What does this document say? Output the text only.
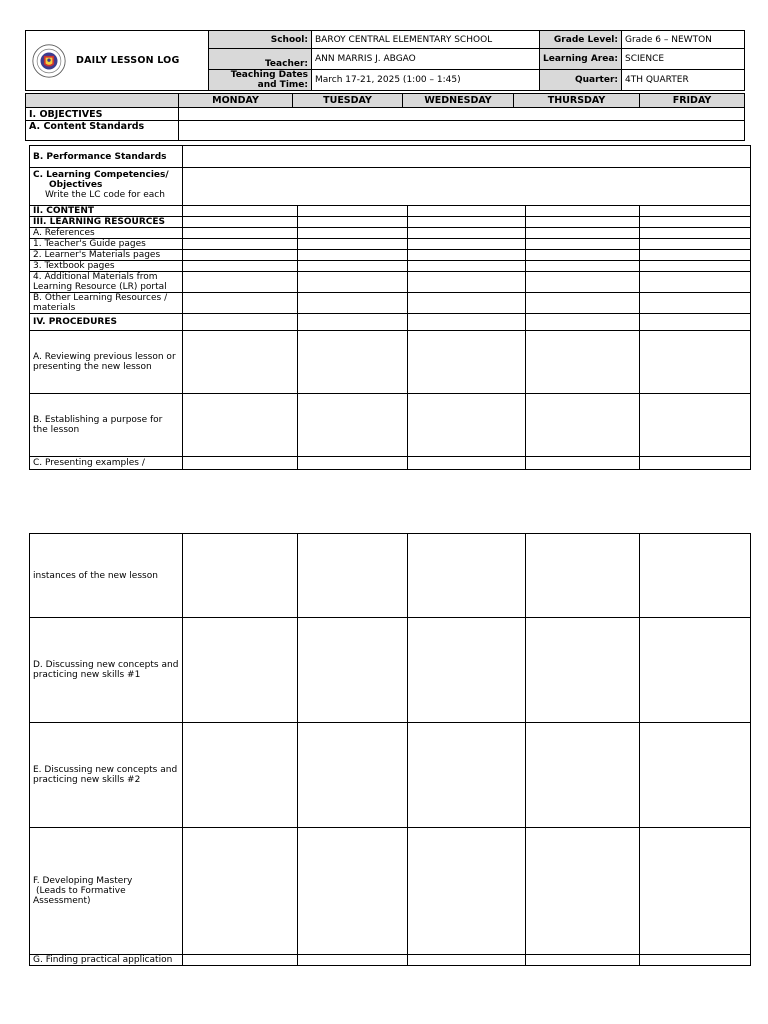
DAILY LESSON LOG	School:	BAROY CENTRAL ELEMENTARY SCHOOL	Grade Level:	Grade 6 – NEWTON
	Teacher:	ANN MARRIS J. ABGAO	Learning Area:	SCIENCE
	Teaching Dates and Time:	March 17-21, 2025 (1:00 – 1:45)	Quarter:	4TH QUARTER
	MONDAY	TUESDAY	WEDNESDAY	THURSDAY	FRIDAY
I. OBJECTIVES					
A. Content Standards					
B. Performance Standards					

C. Learning Competencies/
Objectives
Write the LC code for each					

II. CONTENT					
III. LEARNING RESOURCES					
A. References					
1. Teacher's Guide pages					
2. Learner's Materials pages					
3. Textbook pages					
4. Additional Materials from Learning Resource (LR) portal					
B. Other Learning Resources / materials					
IV. PROCEDURES					
A. Reviewing previous lesson or presenting the new lesson					
B. Establishing a purpose for the lesson					
C. Presenting examples /					
instances of the new lesson					
D. Discussing new concepts and practicing new skills #1					
E. Discussing new concepts and practicing new skills #2					

F. Developing Mastery
(Leads to Formative
Assessment)					

G. Finding practical application					
